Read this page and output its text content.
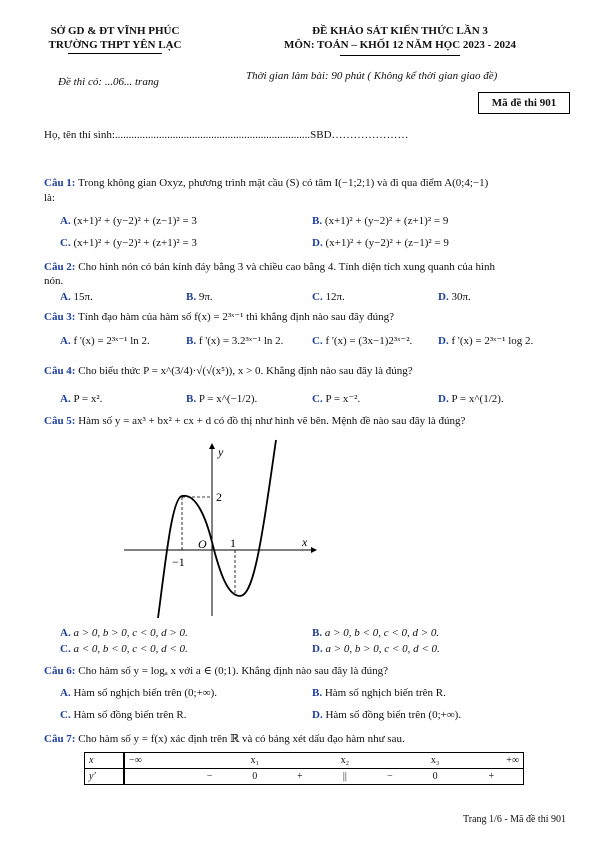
SỞ GD & ĐT VĨNH PHÚC
TRƯỜNG THPT YÊN LẠC
Đề thi có: ...06... trang
ĐỀ KHẢO SÁT KIẾN THỨC LẦN 3
MÔN: TOÁN – KHỐI 12 NĂM HỌC 2023 - 2024
Thời gian làm bài: 90 phút ( Không kể thời gian giao đề)
Mã đề thi 901
Họ, tên thí sinh:.......................................................................SBD…………………
Câu 1: Trong không gian Oxyz, phương trình mặt cầu (S) có tâm I(−1;2;1) và đi qua điểm A(0;4;−1)
là:
A. (x+1)² + (y−2)² + (z−1)² = 3	B. (x+1)² + (y−2)² + (z+1)² = 9
C. (x+1)² + (y−2)² + (z+1)² = 3	D. (x+1)² + (y−2)² + (z−1)² = 9
Câu 2: Cho hình nón có bán kính đáy bằng 3 và chiều cao bằng 4. Tính diện tích xung quanh của hình
nón.
A. 15π.	B. 9π.	C. 12π.	D. 30π.
Câu 3: Tính đạo hàm của hàm số f(x) = 2³ˣ⁻¹ thì khẳng định nào sau đây đúng?
A. f '(x) = 2³ˣ⁻¹ ln 2.	B. f '(x) = 3.2³ˣ⁻¹ ln 2.	C. f '(x) = (3x−1)2³ˣ⁻². D. f '(x) = 2³ˣ⁻¹ log 2.
Câu 4: Cho biểu thức P = x^(3/4)·√(√(x⁵)), x > 0. Khẳng định nào sau đây là đúng?
A. P = x².	B. P = x^(−1/2).	C. P = x⁻².	D. P = x^(1/2).
Câu 5: Hàm số y = ax³ + bx² + cx + d có đồ thị như hình vẽ bên. Mệnh đề nào sau đây là đúng?
y
x
O
2
1
−1
A. a > 0, b > 0, c < 0, d > 0.	B. a > 0, b < 0, c < 0, d > 0.
C. a < 0, b < 0, c < 0, d < 0.	D. a > 0, b > 0, c < 0, d < 0.
Câu 6: Cho hàm số y = logₐ x với a ∈ (0;1). Khẳng định nào sau đây là đúng?
A. Hàm số nghịch biến trên (0;+∞).	B. Hàm số nghịch biến trên R.
C. Hàm số đồng biến trên R.	D. Hàm số đồng biến trên (0;+∞).
Câu 7: Cho hàm số y = f(x) xác định trên ℝ và có bảng xét dấu đạo hàm như sau.
x	−∞		x₁		x₂		x₃	+∞
y'		−	0	+	||	−	0	+
Trang 1/6 - Mã đề thi 901
